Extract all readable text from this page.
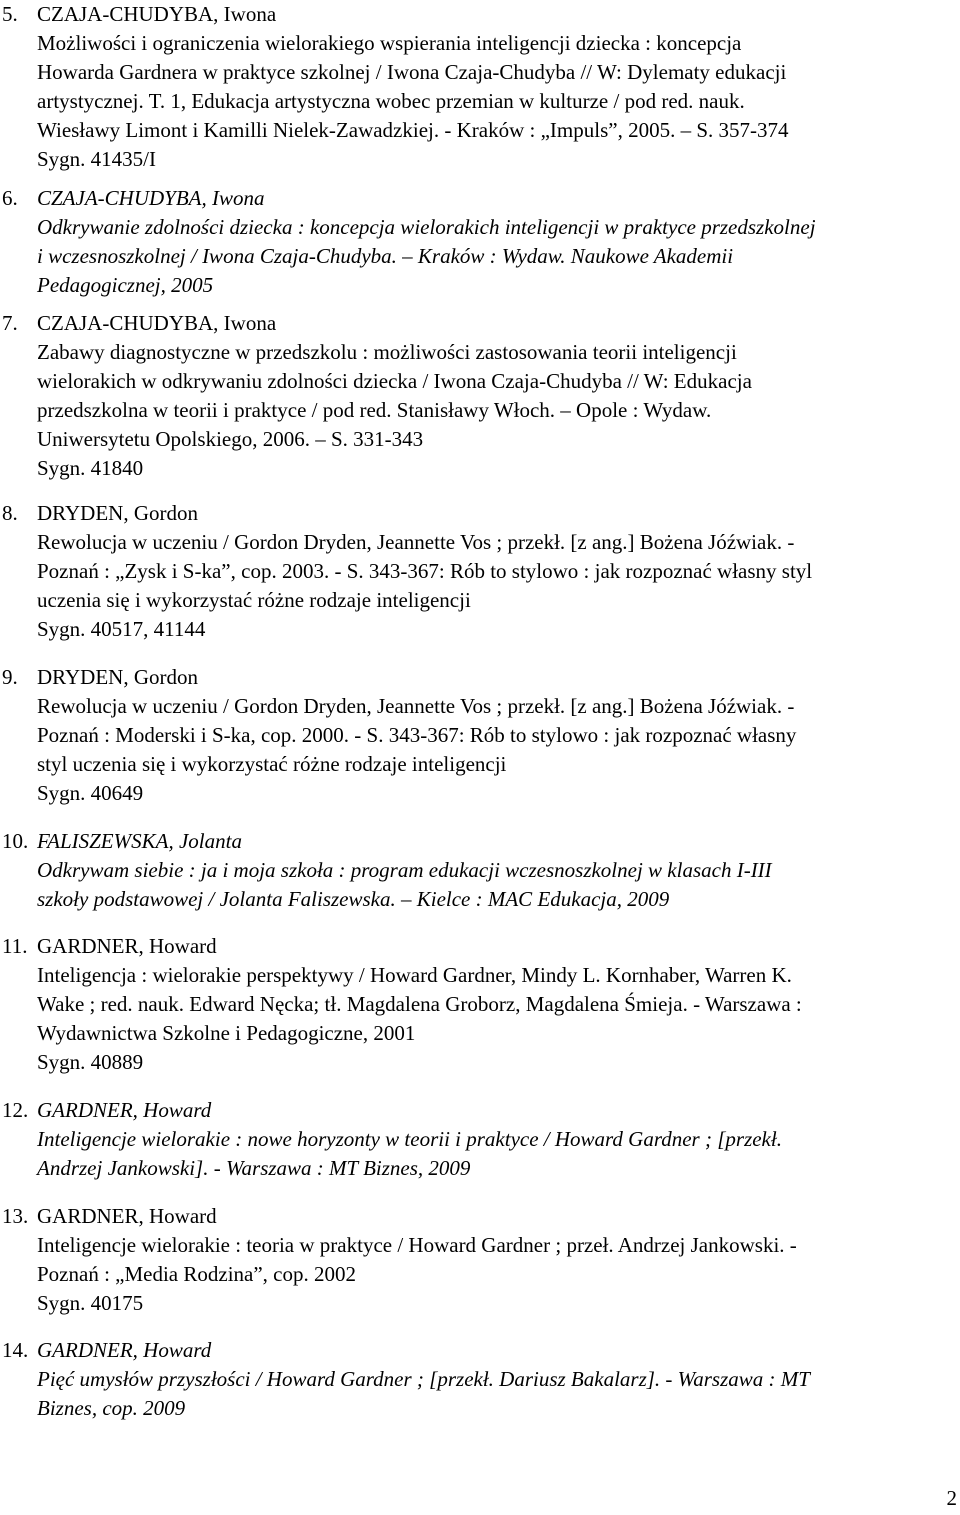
5. CZAJA-CHUDYBA, Iwona
Możliwości i ograniczenia wielorakiego wspierania inteligencji dziecka : koncepcja
Howarda Gardnera w praktyce szkolnej / Iwona Czaja-Chudyba // W: Dylematy edukacji
artystycznej. T. 1, Edukacja artystyczna wobec przemian w kulturze / pod red. nauk.
Wiesławy Limont i Kamilli Nielek-Zawadzkiej. - Kraków : „Impuls”, 2005. – S. 357-374
Sygn. 41435/I
6. CZAJA-CHUDYBA, Iwona
Odkrywanie zdolności dziecka : koncepcja wielorakich inteligencji w praktyce przedszkolnej
i wczesnoszkolnej / Iwona Czaja-Chudyba. – Kraków : Wydaw. Naukowe Akademii
Pedagogicznej, 2005
7. CZAJA-CHUDYBA, Iwona
Zabawy diagnostyczne w przedszkolu : możliwości zastosowania teorii inteligencji
wielorakich w odkrywaniu zdolności dziecka / Iwona Czaja-Chudyba // W: Edukacja
przedszkolna w teorii i praktyce / pod red. Stanisławy Włoch. – Opole : Wydaw.
Uniwersytetu Opolskiego, 2006. – S. 331-343
Sygn. 41840
8. DRYDEN, Gordon
Rewolucja w uczeniu / Gordon Dryden, Jeannette Vos ; przekł. [z ang.] Bożena Jóźwiak. -
Poznań : „Zysk i S-ka”, cop. 2003. - S. 343-367: Rób to stylowo : jak rozpoznać własny styl
uczenia się i wykorzystać różne rodzaje inteligencji
Sygn. 40517, 41144
9. DRYDEN, Gordon
Rewolucja w uczeniu / Gordon Dryden, Jeannette Vos ; przekł. [z ang.] Bożena Jóźwiak. -
Poznań : Moderski i S-ka, cop. 2000. - S. 343-367: Rób to stylowo : jak rozpoznać własny
styl uczenia się i wykorzystać różne rodzaje inteligencji
Sygn. 40649
10. FALISZEWSKA, Jolanta
Odkrywam siebie : ja i moja szkoła : program edukacji wczesnoszkolnej w klasach I-III
szkoły podstawowej / Jolanta Faliszewska. – Kielce : MAC Edukacja, 2009
11. GARDNER, Howard
Inteligencja : wielorakie perspektywy / Howard Gardner, Mindy L. Kornhaber, Warren K.
Wake ; red. nauk. Edward Nęcka; tł. Magdalena Groborz, Magdalena Śmieja. - Warszawa :
Wydawnictwa Szkolne i Pedagogiczne, 2001
Sygn. 40889
12. GARDNER, Howard
Inteligencje wielorakie : nowe horyzonty w teorii i praktyce / Howard Gardner ; [przekł.
Andrzej Jankowski]. - Warszawa : MT Biznes, 2009
13. GARDNER, Howard
Inteligencje wielorakie : teoria w praktyce / Howard Gardner ; przeł. Andrzej Jankowski. -
Poznań : „Media Rodzina”, cop. 2002
Sygn. 40175
14. GARDNER, Howard
Pięć umysłów przyszłości / Howard Gardner ; [przekł. Dariusz Bakalarz]. - Warszawa : MT
Biznes, cop. 2009
2
